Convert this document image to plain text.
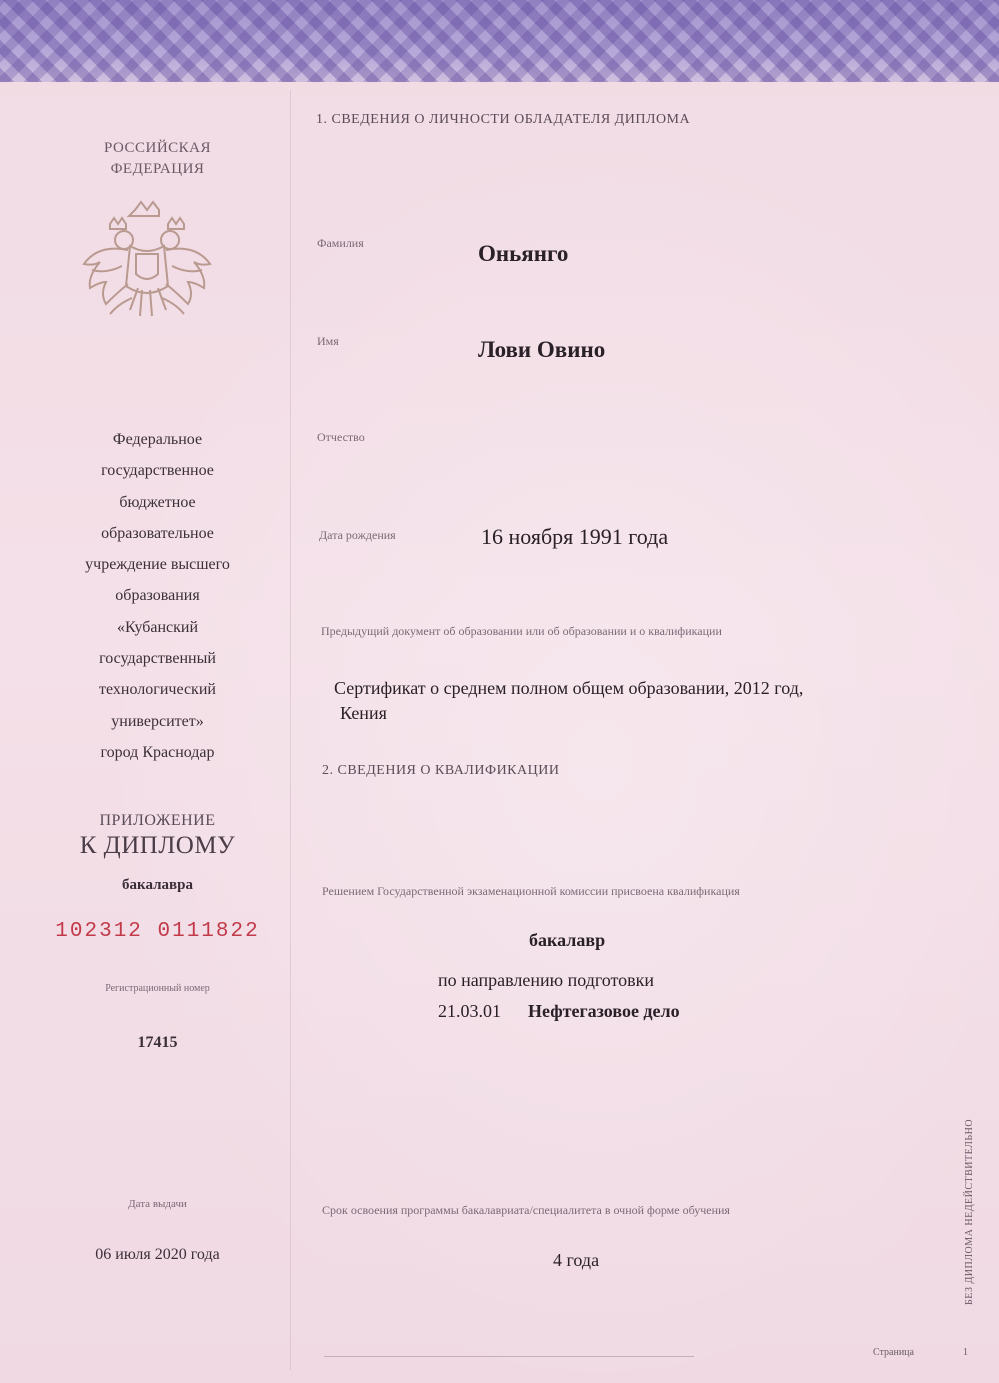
РОССИЙСКАЯ
ФЕДЕРАЦИЯ
Федеральное
государственное
бюджетное
образовательное
учреждение высшего
образования
«Кубанский
государственный
технологический
университет»
город Краснодар
ПРИЛОЖЕНИЕ
К ДИПЛОМУ
бакалавра
102312 0111822
Регистрационный номер
17415
Дата выдачи
06 июля 2020 года
1. СВЕДЕНИЯ О ЛИЧНОСТИ ОБЛАДАТЕЛЯ ДИПЛОМА
Фамилия	Оньянго
Имя	Лови Овино
Отчество
Дата рождения	16 ноября 1991 года
Предыдущий документ об образовании или об образовании и о квалификации
Сертификат о среднем полном общем образовании, 2012 год,
Кения
2. СВЕДЕНИЯ О КВАЛИФИКАЦИИ
Решением Государственной экзаменационной комиссии присвоена квалификация
бакалавр
по направлению подготовки
21.03.01 Нефтегазовое дело
Срок освоения программы бакалавриата/специалитета в очной форме обучения
4 года
Страница	1
БЕЗ ДИПЛОМА НЕДЕЙСТВИТЕЛЬНО
